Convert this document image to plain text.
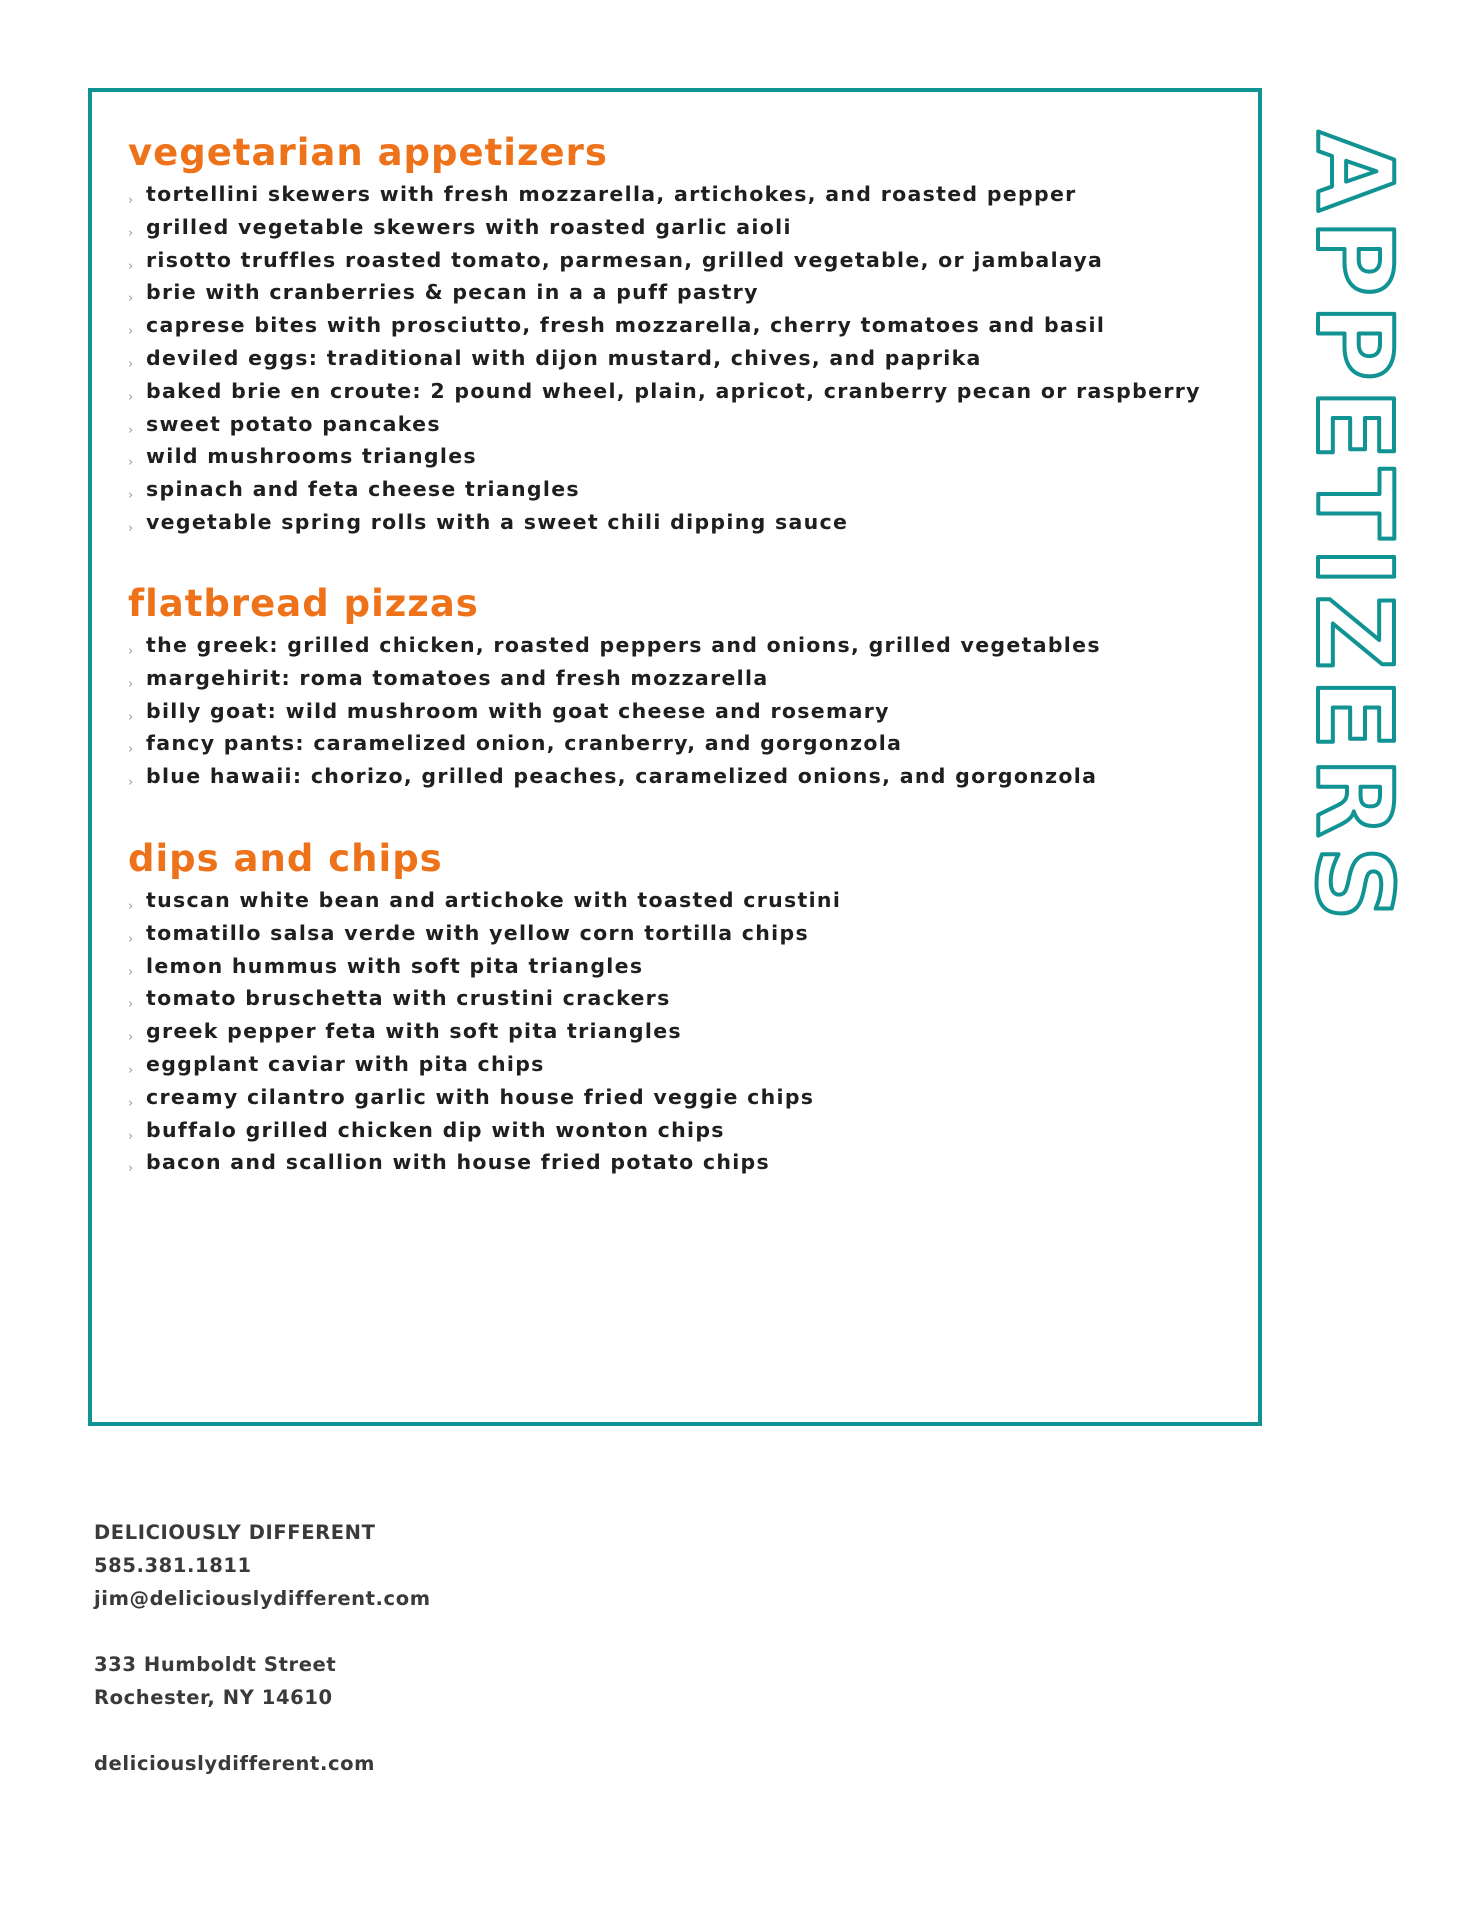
vegetarian appetizers
› tortellini skewers with fresh mozzarella, artichokes, and roasted pepper
› grilled vegetable skewers with roasted garlic aioli
› risotto truffles roasted tomato, parmesan, grilled vegetable, or jambalaya
› brie with cranberries & pecan in a a puff pastry
› caprese bites with prosciutto, fresh mozzarella, cherry tomatoes and basil
› deviled eggs: traditional with dijon mustard, chives, and paprika
› baked brie en croute: 2 pound wheel, plain, apricot, cranberry pecan or raspberry
› sweet potato pancakes
› wild mushrooms triangles
› spinach and feta cheese triangles
› vegetable spring rolls with a sweet chili dipping sauce
flatbread pizzas
› the greek: grilled chicken, roasted peppers and onions, grilled vegetables
› margehirit: roma tomatoes and fresh mozzarella
› billy goat: wild mushroom with goat cheese and rosemary
› fancy pants: caramelized onion, cranberry, and gorgonzola
› blue hawaii: chorizo, grilled peaches, caramelized onions, and gorgonzola
dips and chips
› tuscan white bean and artichoke with toasted crustini
› tomatillo salsa verde with yellow corn tortilla chips
› lemon hummus with soft pita triangles
› tomato bruschetta with crustini crackers
› greek pepper feta with soft pita triangles
› eggplant caviar with pita chips
› creamy cilantro garlic with house fried veggie chips
› buffalo grilled chicken dip with wonton chips
› bacon and scallion with house fried potato chips
APPETIZERS
DELICIOUSLY DIFFERENT
585.381.1811
jim@deliciouslydifferent.com
333 Humboldt Street
Rochester, NY 14610
deliciouslydifferent.com
